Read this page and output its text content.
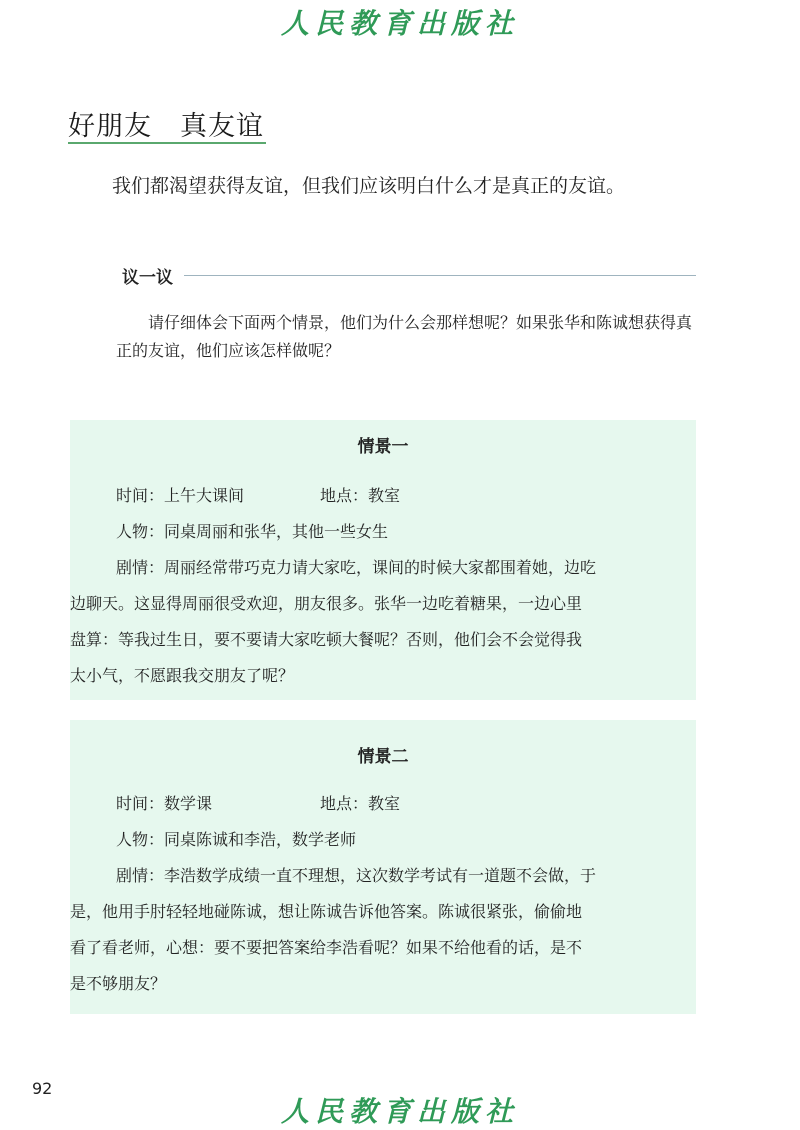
人民教育出版社
好朋友　真友谊
我们都渴望获得友谊，但我们应该明白什么才是真正的友谊。
议一议
请仔细体会下面两个情景，他们为什么会那样想呢？如果张华和陈诚想获得真正的友谊，他们应该怎样做呢？
情景一
时间：上午大课间	地点：教室
人物：同桌周丽和张华，其他一些女生
剧情：周丽经常带巧克力请大家吃，课间的时候大家都围着她，边吃
边聊天。这显得周丽很受欢迎，朋友很多。张华一边吃着糖果，一边心里
盘算：等我过生日，要不要请大家吃顿大餐呢？否则，他们会不会觉得我
太小气，不愿跟我交朋友了呢？
情景二
时间：数学课	地点：教室
人物：同桌陈诚和李浩，数学老师
剧情：李浩数学成绩一直不理想，这次数学考试有一道题不会做，于
是，他用手肘轻轻地碰陈诚，想让陈诚告诉他答案。陈诚很紧张，偷偷地
看了看老师，心想：要不要把答案给李浩看呢？如果不给他看的话，是不
是不够朋友？
92
人民教育出版社
